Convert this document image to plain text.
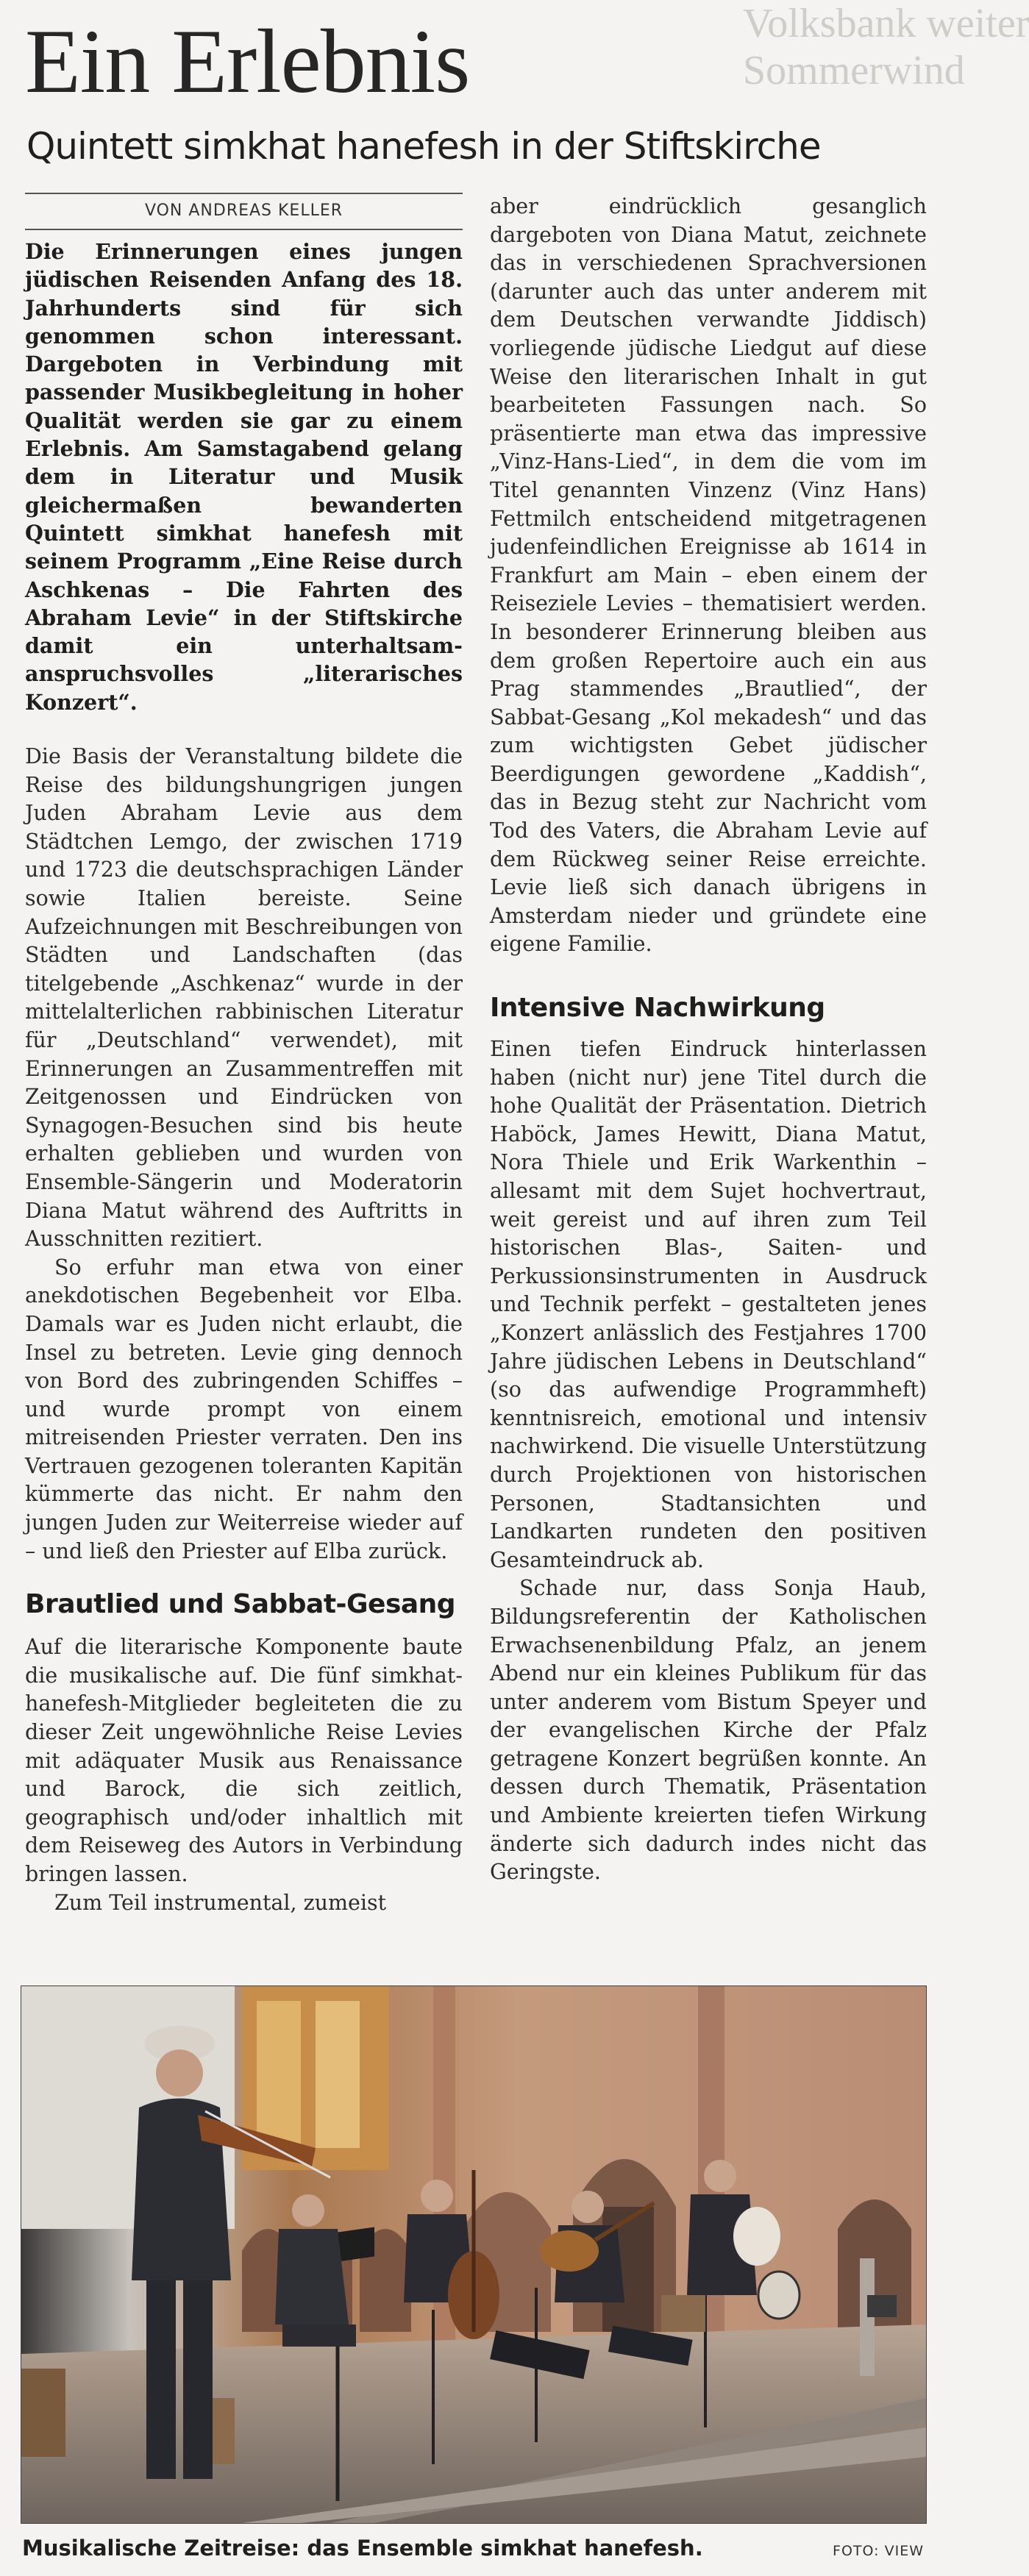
Volksbank weiter
Sommerwind
Ein Erlebnis
Quintett simkhat hanefesh in der Stiftskirche
VON ANDREAS KELLER
Die Erinnerungen eines jungen jüdischen Reisenden Anfang des 18. Jahrhunderts sind für sich genommen schon interessant. Dargeboten in Verbindung mit passender Musikbegleitung in hoher Qualität werden sie gar zu einem Erlebnis. Am Samstagabend gelang dem in Literatur und Musik gleichermaßen bewanderten Quintett simkhat hanefesh mit seinem Programm „Eine Reise durch Aschkenas – Die Fahrten des Abraham Levie“ in der Stiftskirche damit ein unterhaltsam-anspruchsvolles „literarisches Konzert“.

Die Basis der Veranstaltung bildete die Reise des bildungshungrigen jungen Juden Abraham Levie aus dem Städtchen Lemgo, der zwischen 1719 und 1723 die deutschsprachigen Länder sowie Italien bereiste. Seine Aufzeichnungen mit Beschreibungen von Städten und Landschaften (das titelgebende „Aschkenaz“ wurde in der mittelalterlichen rabbinischen Literatur für „Deutschland“ verwendet), mit Erinnerungen an Zusammentreffen mit Zeitgenossen und Eindrücken von Synagogen-Besuchen sind bis heute erhalten geblieben und wurden von Ensemble-Sängerin und Moderatorin Diana Matut während des Auftritts in Ausschnitten rezitiert.

So erfuhr man etwa von einer anekdotischen Begebenheit vor Elba. Damals war es Juden nicht erlaubt, die Insel zu betreten. Levie ging dennoch von Bord des zubringenden Schiffes – und wurde prompt von einem mitreisenden Priester verraten. Den ins Vertrauen gezogenen toleranten Kapitän kümmerte das nicht. Er nahm den jungen Juden zur Weiterreise wieder auf – und ließ den Priester auf Elba zurück.

Brautlied und Sabbat-Gesang

Auf die literarische Komponente baute die musikalische auf. Die fünf simkhat-hanefesh-Mitglieder begleiteten die zu dieser Zeit ungewöhnliche Reise Levies mit adäquater Musik aus Renaissance und Barock, die sich zeitlich, geographisch und/oder inhaltlich mit dem Reiseweg des Autors in Verbindung bringen lassen.

Zum Teil instrumental, zumeist

aber eindrücklich gesanglich dargeboten von Diana Matut, zeichnete das in verschiedenen Sprachversionen (darunter auch das unter anderem mit dem Deutschen verwandte Jiddisch) vorliegende jüdische Liedgut auf diese Weise den literarischen Inhalt in gut bearbeiteten Fassungen nach. So präsentierte man etwa das impressive „Vinz-Hans-Lied“, in dem die vom im Titel genannten Vinzenz (Vinz Hans) Fettmilch entscheidend mitgetragenen judenfeindlichen Ereignisse ab 1614 in Frankfurt am Main – eben einem der Reiseziele Levies – thematisiert werden. In besonderer Erinnerung bleiben aus dem großen Repertoire auch ein aus Prag stammendes „Brautlied“, der Sabbat-Gesang „Kol mekadesh“ und das zum wichtigsten Gebet jüdischer Beerdigungen gewordene „Kaddish“, das in Bezug steht zur Nachricht vom Tod des Vaters, die Abraham Levie auf dem Rückweg seiner Reise erreichte. Levie ließ sich danach übrigens in Amsterdam nieder und gründete eine eigene Familie.

Intensive Nachwirkung

Einen tiefen Eindruck hinterlassen haben (nicht nur) jene Titel durch die hohe Qualität der Präsentation. Dietrich Haböck, James Hewitt, Diana Matut, Nora Thiele und Erik Warkenthin – allesamt mit dem Sujet hochvertraut, weit gereist und auf ihren zum Teil historischen Blas-, Saiten- und Perkussionsinstrumenten in Ausdruck und Technik perfekt – gestalteten jenes „Konzert anlässlich des Festjahres 1700 Jahre jüdischen Lebens in Deutschland“ (so das aufwendige Programmheft) kenntnisreich, emotional und intensiv nachwirkend. Die visuelle Unterstützung durch Projektionen von historischen Personen, Stadtansichten und Landkarten rundeten den positiven Gesamteindruck ab.

Schade nur, dass Sonja Haub, Bildungsreferentin der Katholischen Erwachsenenbildung Pfalz, an jenem Abend nur ein kleines Publikum für das unter anderem vom Bistum Speyer und der evangelischen Kirche der Pfalz getragene Konzert begrüßen konnte. An dessen durch Thematik, Präsentation und Ambiente kreierten tiefen Wirkung änderte sich dadurch indes nicht das Geringste.

Musikalische Zeitreise: das Ensemble simkhat hanefesh.	FOTO: VIEW
